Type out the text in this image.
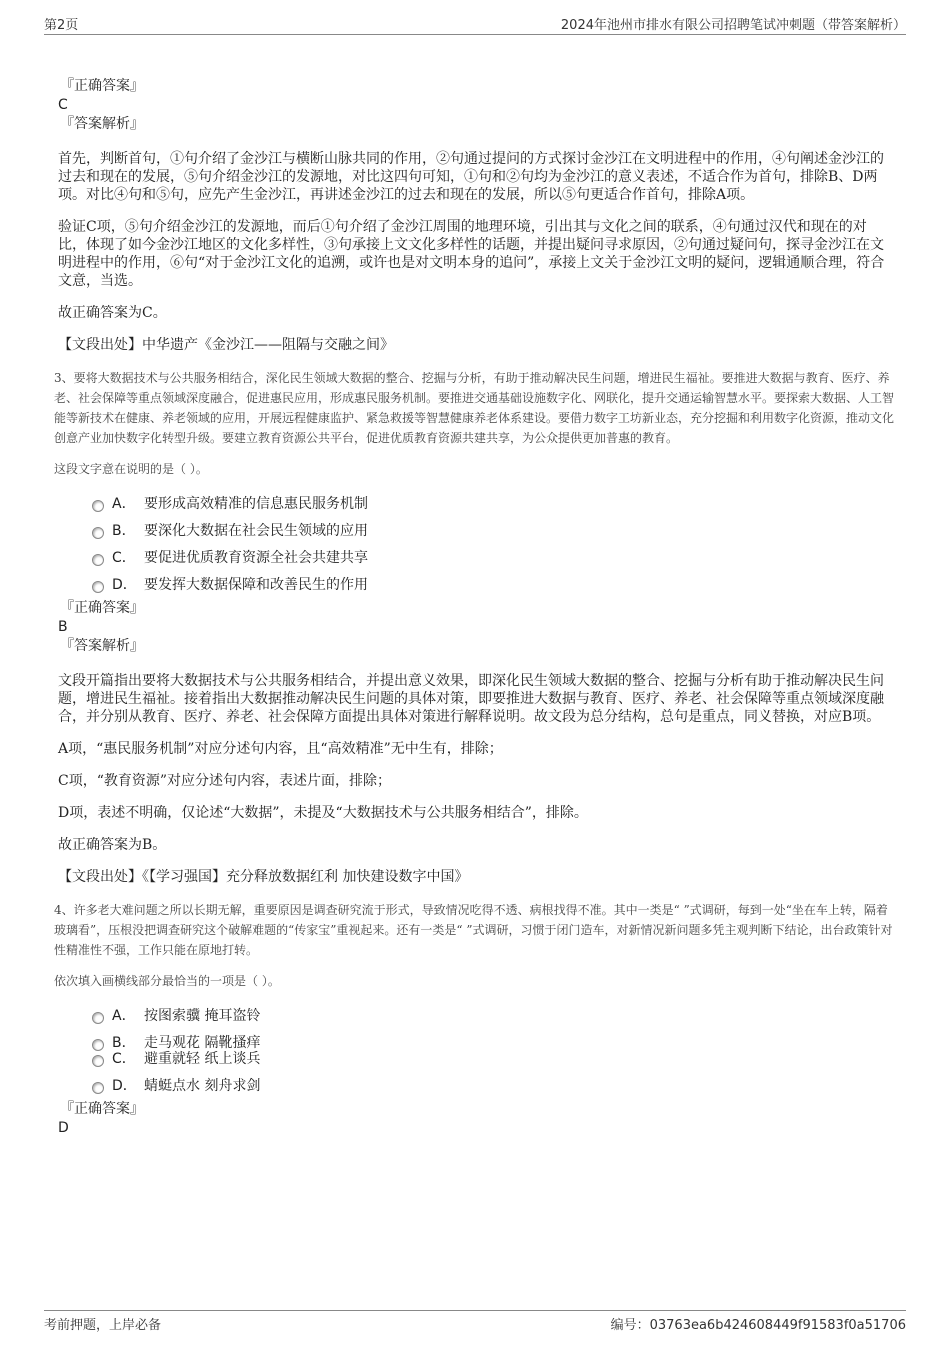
第2页	2024年池州市排水有限公司招聘笔试冲刺题（带答案解析）
『正确答案』
C
『答案解析』

首先，判断首句，①句介绍了金沙江与横断山脉共同的作用，②句通过提问的方式探讨金沙江在文明进程中的作用，④句阐述金沙江的过去和现在的发展，⑤句介绍金沙江的发源地，对比这四句可知，①句和②句均为金沙江的意义表述，不适合作为首句，排除B、D两项。对比④句和⑤句，应先产生金沙江，再讲述金沙江的过去和现在的发展，所以⑤句更适合作首句，排除A项。

验证C项，⑤句介绍金沙江的发源地，而后①句介绍了金沙江周围的地理环境，引出其与文化之间的联系，④句通过汉代和现在的对比，体现了如今金沙江地区的文化多样性，③句承接上文文化多样性的话题，并提出疑问寻求原因，②句通过疑问句，探寻金沙江在文明进程中的作用，⑥句“对于金沙江文化的追溯，或许也是对文明本身的追问”，承接上文关于金沙江文明的疑问，逻辑通顺合理，符合文意，当选。

故正确答案为C。

【文段出处】中华遗产《金沙江——阻隔与交融之间》

3、要将大数据技术与公共服务相结合，深化民生领域大数据的整合、挖掘与分析，有助于推动解决民生问题，增进民生福祉。要推进大数据与教育、医疗、养老、社会保障等重点领域深度融合，促进惠民应用，形成惠民服务机制。要推进交通基础设施数字化、网联化，提升交通运输智慧水平。要探索大数据、人工智能等新技术在健康、养老领域的应用，开展远程健康监护、紧急救援等智慧健康养老体系建设。要借力数字工坊新业态，充分挖掘和利用数字化资源，推动文化创意产业加快数字化转型升级。要建立教育资源公共平台，促进优质教育资源共建共享，为公众提供更加普惠的教育。
这段文字意在说明的是（ ）。
A． 要形成高效精准的信息惠民服务机制
B． 要深化大数据在社会民生领域的应用
C． 要促进优质教育资源全社会共建共享
D． 要发挥大数据保障和改善民生的作用
『正确答案』
B
『答案解析』

文段开篇指出要将大数据技术与公共服务相结合，并提出意义效果，即深化民生领域大数据的整合、挖掘与分析有助于推动解决民生问题，增进民生福祉。接着指出大数据推动解决民生问题的具体对策，即要推进大数据与教育、医疗、养老、社会保障等重点领域深度融合，并分别从教育、医疗、养老、社会保障方面提出具体对策进行解释说明。故文段为总分结构，总句是重点，同义替换，对应B项。

A项，“惠民服务机制”对应分述句内容，且“高效精准”无中生有，排除；

C项，“教育资源”对应分述句内容，表述片面，排除；

D项，表述不明确，仅论述“大数据”，未提及“大数据技术与公共服务相结合”，排除。

故正确答案为B。

【文段出处】《【学习强国】充分释放数据红利 加快建设数字中国》

4、许多老大难问题之所以长期无解，重要原因是调查研究流于形式，导致情况吃得不透、病根找得不准。其中一类是“ ”式调研，每到一处“坐在车上转，隔着玻璃看”，压根没把调查研究这个破解难题的“传家宝”重视起来。还有一类是“ ”式调研，习惯于闭门造车，对新情况新问题多凭主观判断下结论，出台政策针对性精准性不强，工作只能在原地打转。
依次填入画横线部分最恰当的一项是（ ）。
A． 按图索骥 掩耳盗铃
B． 走马观花 隔靴搔痒
C． 避重就轻 纸上谈兵
D． 蜻蜓点水 刻舟求剑
『正确答案』
D
考前押题，上岸必备	编号：03763ea6b424608449f91583f0a51706
